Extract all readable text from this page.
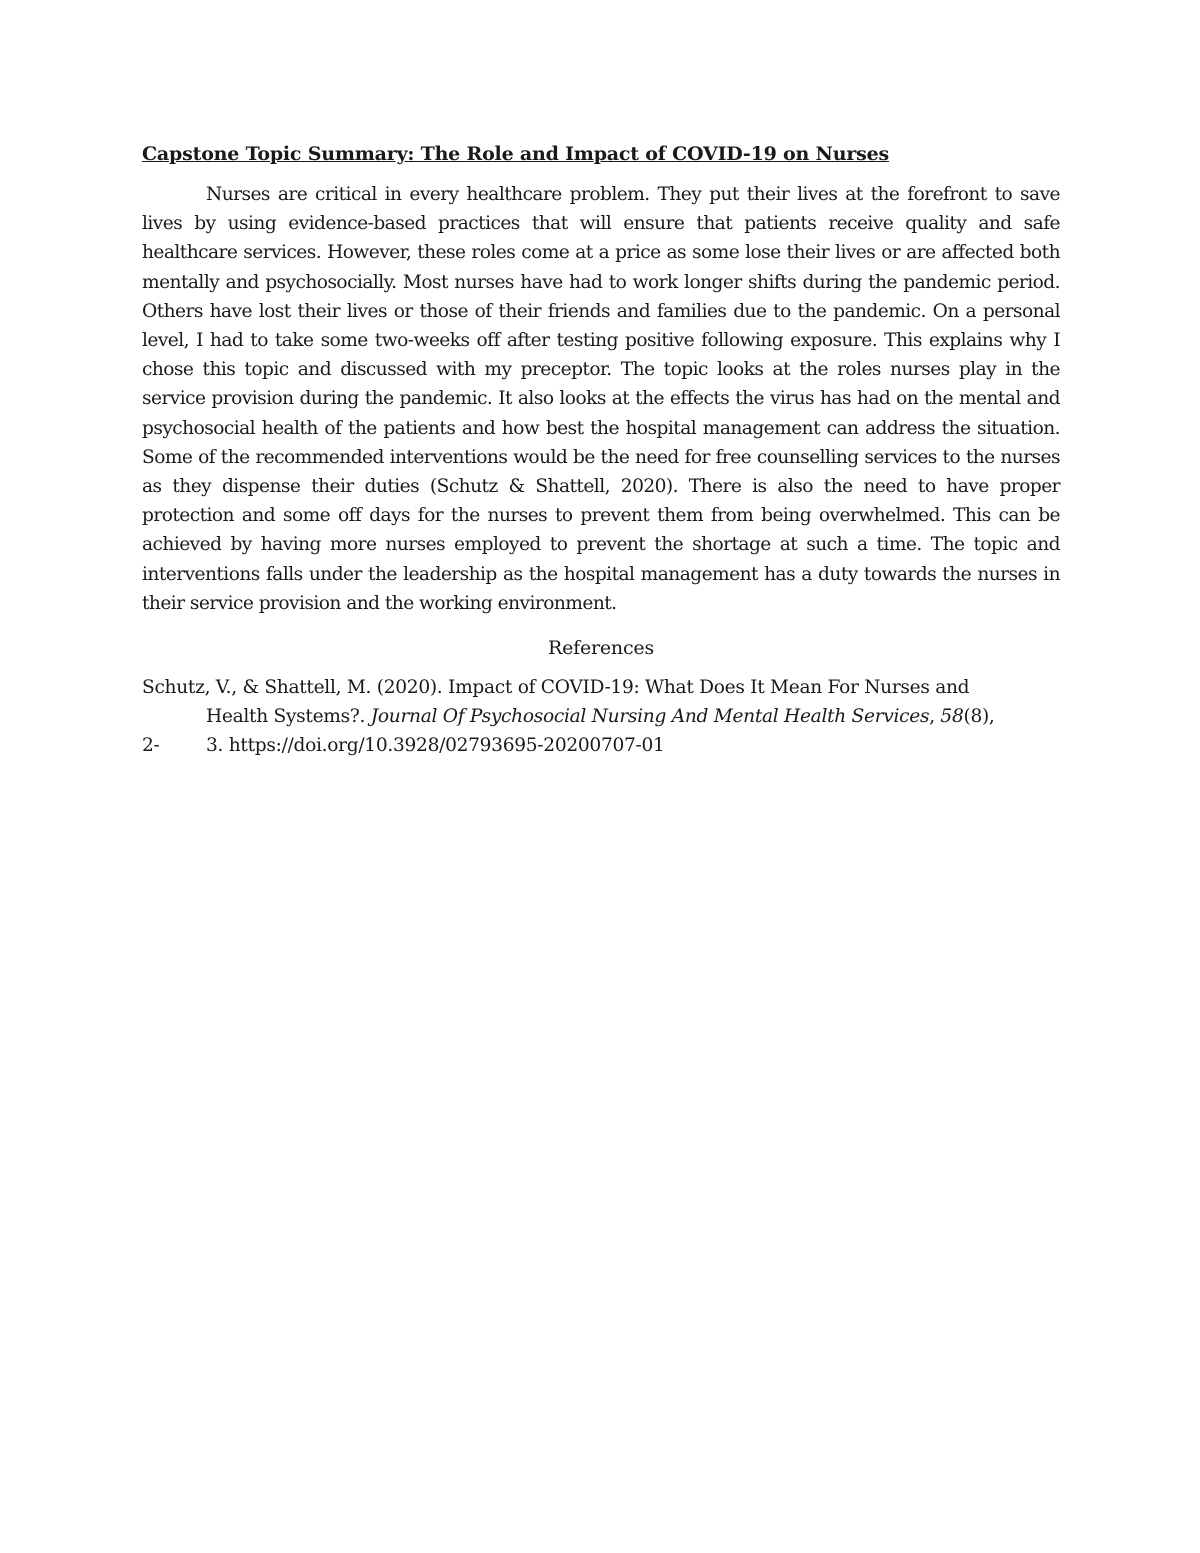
Capstone Topic Summary: The Role and Impact of COVID-19 on Nurses

Nurses are critical in every healthcare problem. They put their lives at the forefront to save lives by using evidence-based practices that will ensure that patients receive quality and safe healthcare services. However, these roles come at a price as some lose their lives or are affected both mentally and psychosocially. Most nurses have had to work longer shifts during the pandemic period. Others have lost their lives or those of their friends and families due to the pandemic. On a personal level, I had to take some two-weeks off after testing positive following exposure. This explains why I chose this topic and discussed with my preceptor. The topic looks at the roles nurses play in the service provision during the pandemic. It also looks at the effects the virus has had on the mental and psychosocial health of the patients and how best the hospital management can address the situation. Some of the recommended interventions would be the need for free counselling services to the nurses as they dispense their duties (Schutz & Shattell, 2020). There is also the need to have proper protection and some off days for the nurses to prevent them from being overwhelmed. This can be achieved by having more nurses employed to prevent the shortage at such a time. The topic and interventions falls under the leadership as the hospital management has a duty towards the nurses in their service provision and the working environment.

References
Schutz, V., & Shattell, M. (2020). Impact of COVID-19: What Does It Mean For Nurses and
Health Systems?. Journal Of Psychosocial Nursing And Mental Health Services, 58(8),
2- 3. https://doi.org/10.3928/02793695-20200707-01
